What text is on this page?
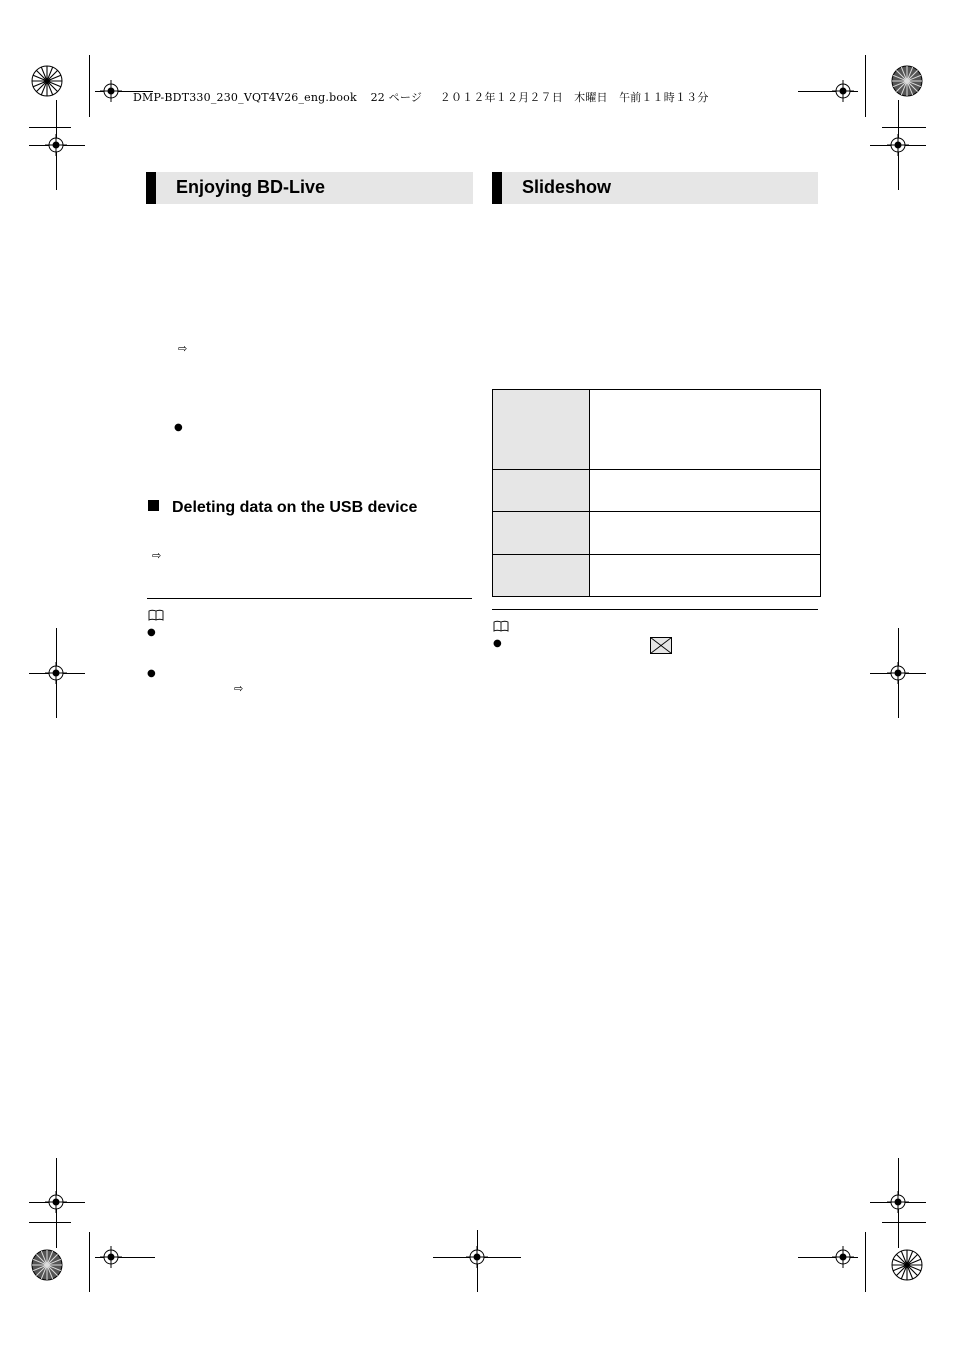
DMP-BDT330_230_VQT4V26_eng.book 22 ページ ２０１２年１２月２７日　木曜日　午前１１時１３分
Enjoying BD-Live
⇨
●
Deleting data on the USB device
⇨
●
●
⇨
Slideshow
●
